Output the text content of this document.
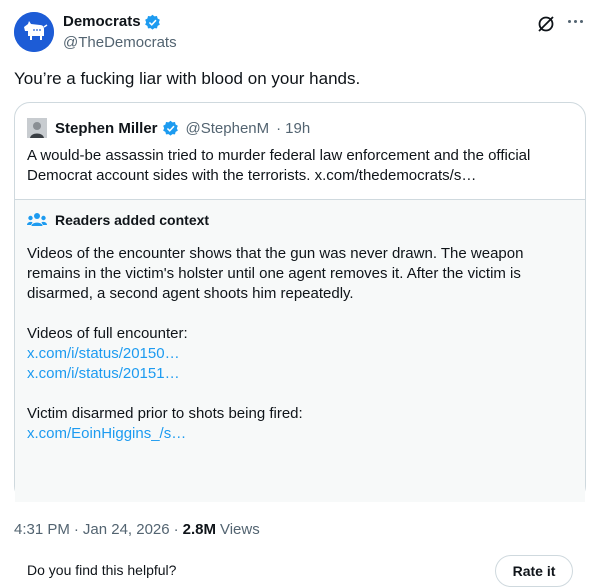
Democrats
@TheDemocrats
You’re a fucking liar with blood on your hands.
Stephen Miller @StephenM · 19h
A would-be assassin tried to murder federal law enforcement and the official Democrat account sides with the terrorists. x.com/thedemocrats/s…
Readers added context
Videos of the encounter shows that the gun was never drawn. The weapon remains in the victim's holster until one agent removes it. After the victim is disarmed, a second agent shoots him repeatedly.
Videos of full encounter:
x.com/i/status/20150…
x.com/i/status/20151…
Victim disarmed prior to shots being fired:
x.com/EoinHiggins_/s…
Do you find this helpful?	Rate it
4:31 PM · Jan 24, 2026 · 2.8M Views
